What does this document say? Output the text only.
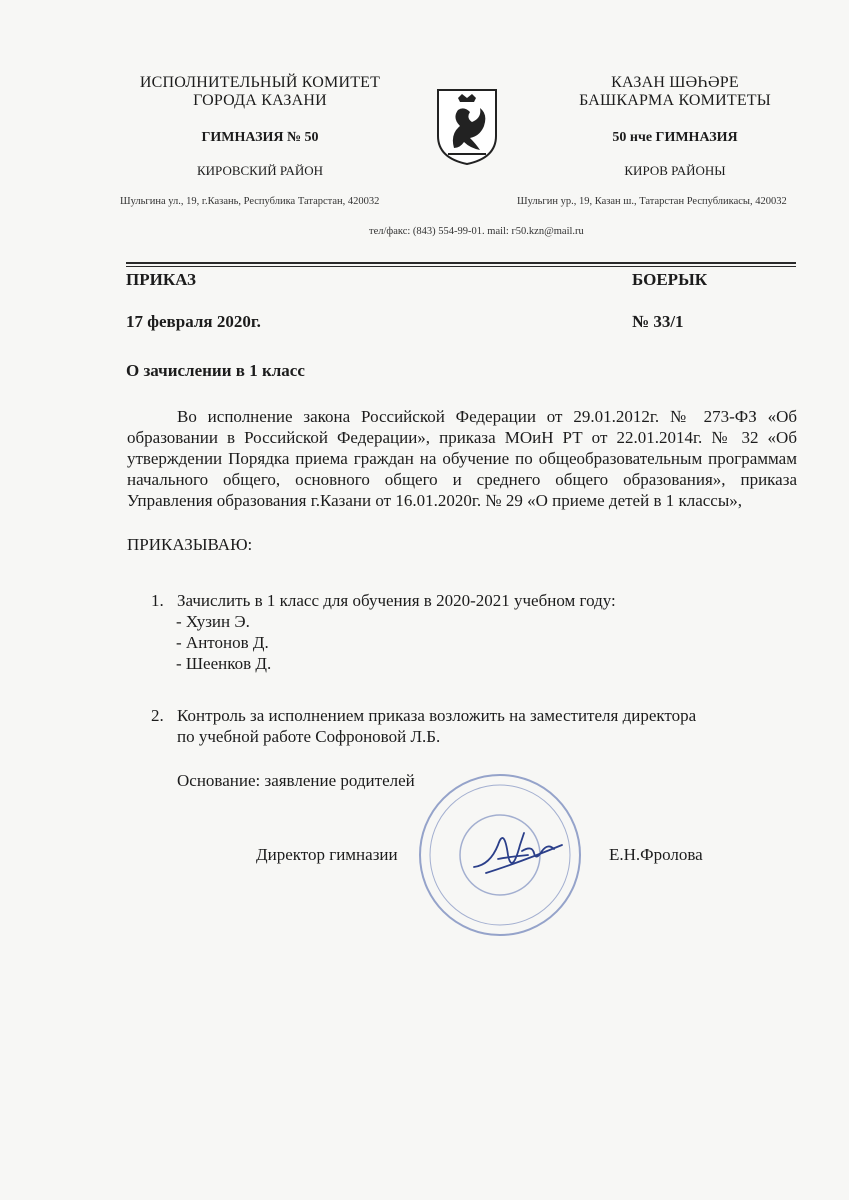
ИСПОЛНИТЕЛЬНЫЙ КОМИТЕТ
ГОРОДА КАЗАНИ
ГИМНАЗИЯ № 50
КИРОВСКИЙ РАЙОН
Шульгина ул., 19, г.Казань, Республика Татарстан, 420032
КАЗАН ШӘҺӘРЕ
БАШКАРМА КОМИТЕТЫ
50 нче ГИМНАЗИЯ
КИРОВ РАЙОНЫ
Шульгин ур., 19, Казан ш., Татарстан Республикасы, 420032
тел/факс: (843) 554-99-01. mail: г50.kzn@mail.ru
ПРИКАЗ	БОЕРЫК
17 февраля 2020г.	№ 33/1
О зачислении в 1 класс
Во исполнение закона Российской Федерации от 29.01.2012г. № 273-ФЗ «Об образовании в Российской Федерации», приказа МОиН РТ от 22.01.2014г. № 32 «Об утверждении Порядка приема граждан на обучение по общеобразовательным программам начального общего, основного общего и среднего общего образования», приказа Управления образования г.Казани от 16.01.2020г. № 29 «О приеме детей в 1 классы»,
ПРИКАЗЫВАЮ:
1. Зачислить в 1 класс для обучения в 2020-2021 учебном году:
- Хузин Э.
- Антонов Д.
- Шеенков Д.
2. Контроль за исполнением приказа возложить на заместителя директора
по учебной работе Софроновой Л.Б.
Основание: заявление родителей
Директор гимназии	Е.Н.Фролова
